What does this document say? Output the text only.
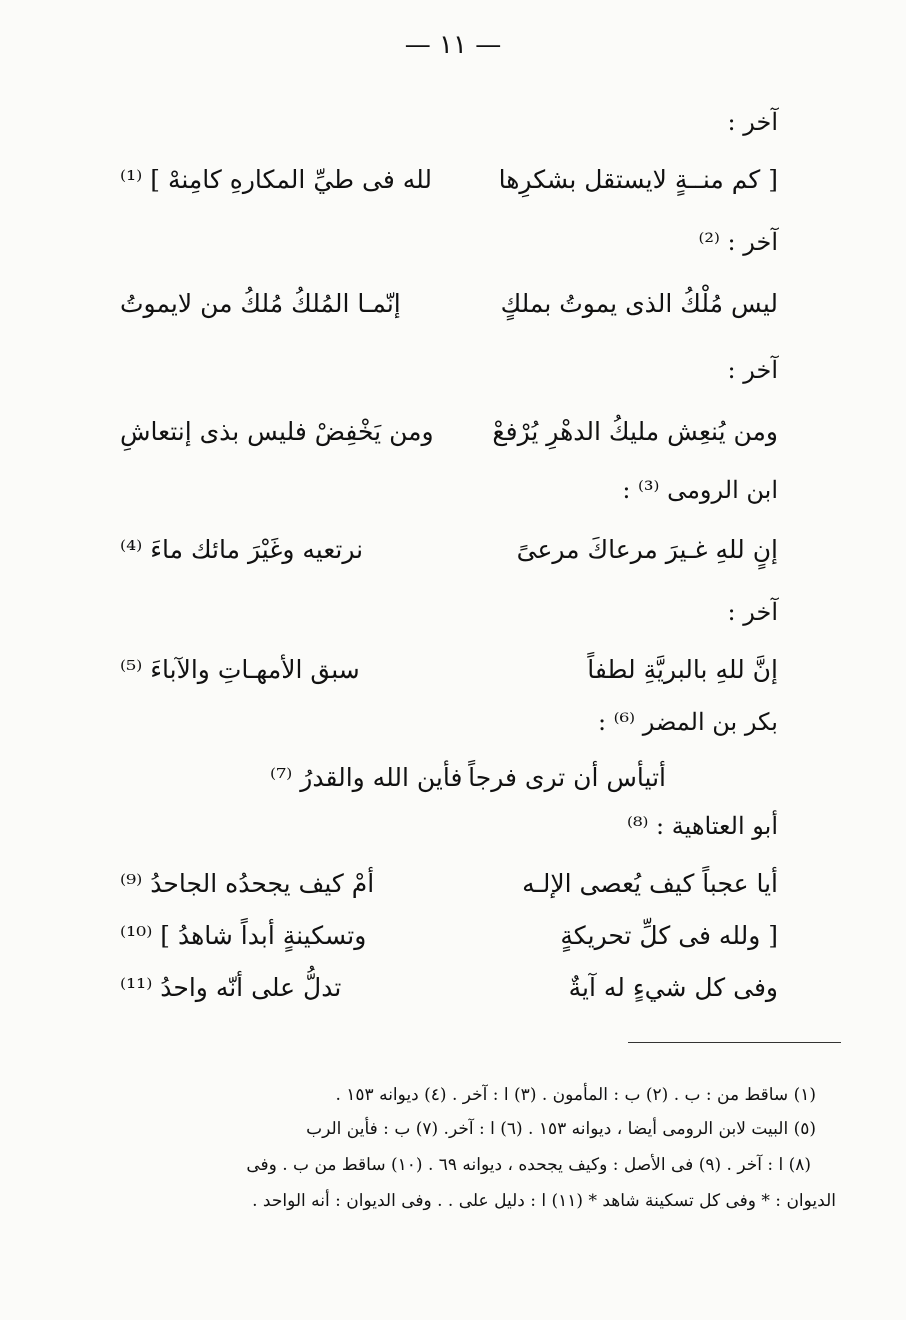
— ١١ —
آخر :
[ كم منــةٍ لايستقل بشكرِها
لله فى طيِّ المكارهِ كامِنهْ ] ⁽¹⁾
آخر : ⁽²⁾
ليس مُلْكُ الذى يموتُ بملكٍ
إنّمـا المُلكُ مُلكُ من لايموتُ
آخر :
ومن يُنعِش مليكُ الدهْرِ يُرْفعْ
ومن يَخْفِضْ فليس بذى إنتعاشِ
ابن الرومى ⁽³⁾ :
إنٍ للهِ غـيرَ مرعاكَ مرعىً
نرتعيه وغَيْرَ مائك ماءَ ⁽⁴⁾
آخر :
إنَّ للهِ بالبريَّةِ لطفاً
سبق الأمهـاتِ والآباءَ ⁽⁵⁾
بكر بن المضر ⁽⁶⁾ :
أتيأس أن ترى فرجاً
فأين الله والقدرُ ⁽⁷⁾
أبو العتاهية : ⁽⁸⁾
أيا عجباً كيف يُعصى الإلـه
أمْ كيف يجحدُه الجاحدُ ⁽⁹⁾
[ ولله فى كلِّ تحريكةٍ
وتسكينةٍ أبداً شاهدُ ] ⁽¹⁰⁾
وفى كل شيءٍ له آيةٌ
تدلُّ على أنّه واحدُ ⁽¹¹⁾
(١) ساقط من : ب . (٢) ب : المأمون . (٣) ا : آخر . (٤) ديوانه ١٥٣ .
(٥) البيت لابن الرومى أيضا ، ديوانه ١٥٣ . (٦) ا : آخر. (٧) ب : فأين الرب
(٨) ا : آخر . (٩) فى الأصل : وكيف يجحده ، ديوانه ٦٩ . (١٠) ساقط من ب . وفى
الديوان : * وفى كل تسكينة شاهد * (١١) ا : دليل على . . وفى الديوان : أنه الواحد .
